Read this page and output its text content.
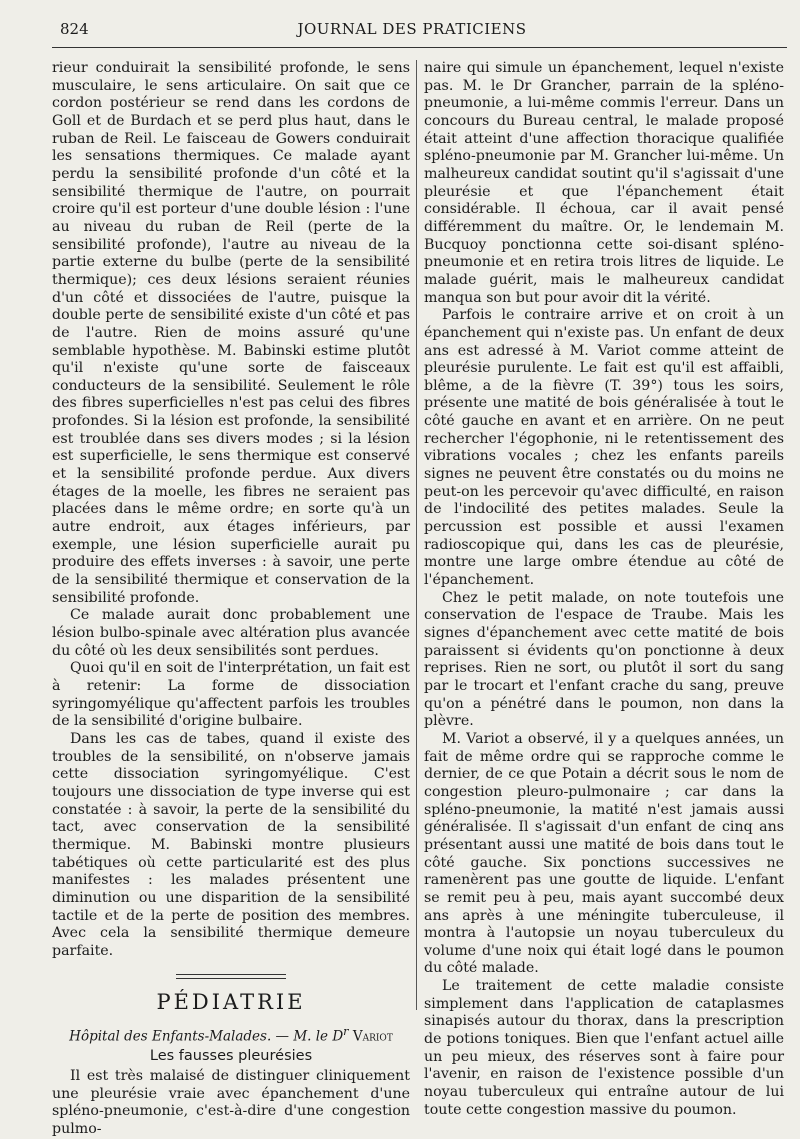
824	JOURNAL DES PRATICIENS

rieur conduirait la sensibilité profonde, le sens musculaire, le sens articulaire. On sait que ce cordon postérieur se rend dans les cordons de Goll et de Burdach et se perd plus haut, dans le ruban de Reil. Le faisceau de Gowers conduirait les sensations thermiques. Ce malade ayant perdu la sensibilité profonde d'un côté et la sensibilité thermique de l'autre, on pourrait croire qu'il est porteur d'une double lésion : l'une au niveau du ruban de Reil (perte de la sensibilité profonde), l'autre au niveau de la partie externe du bulbe (perte de la sensibilité thermique); ces deux lésions seraient réunies d'un côté et dissociées de l'autre, puisque la double perte de sensibilité existe d'un côté et pas de l'autre. Rien de moins assuré qu'une semblable hypothèse. M. Babinski estime plutôt qu'il n'existe qu'une sorte de faisceaux conducteurs de la sensibilité. Seulement le rôle des fibres superficielles n'est pas celui des fibres profondes. Si la lésion est profonde, la sensibilité est troublée dans ses divers modes ; si la lésion est superficielle, le sens thermique est conservé et la sensibilité profonde perdue. Aux divers étages de la moelle, les fibres ne seraient pas placées dans le même ordre; en sorte qu'à un autre endroit, aux étages inférieurs, par exemple, une lésion superficielle aurait pu produire des effets inverses : à savoir, une perte de la sensibilité thermique et conservation de la sensibilité profonde.

Ce malade aurait donc probablement une lésion bulbo-spinale avec altération plus avancée du côté où les deux sensibilités sont perdues.

Quoi qu'il en soit de l'interprétation, un fait est à retenir: La forme de dissociation syringomyélique qu'affectent parfois les troubles de la sensibilité d'origine bulbaire.

Dans les cas de tabes, quand il existe des troubles de la sensibilité, on n'observe jamais cette dissociation syringomyélique. C'est toujours une dissociation de type inverse qui est constatée : à savoir, la perte de la sensibilité du tact, avec conservation de la sensibilité thermique. M. Babinski montre plusieurs tabétiques où cette particularité est des plus manifestes : les malades présentent une diminution ou une disparition de la sensibilité tactile et de la perte de position des membres. Avec cela la sensibilité thermique demeure parfaite.

PÉDIATRIE
Hôpital des Enfants-Malades. — M. le $D^r$ Variot
Les fausses pleurésies

Il est très malaisé de distinguer cliniquement une pleurésie vraie avec épanchement d'une spléno-pneumonie, c'est-à-dire d'une congestion pulmo-

naire qui simule un épanchement, lequel n'existe pas. M. le Dr Grancher, parrain de la spléno-pneumonie, a lui-même commis l'erreur. Dans un concours du Bureau central, le malade proposé était atteint d'une affection thoracique qualifiée spléno-pneumonie par M. Grancher lui-même. Un malheureux candidat soutint qu'il s'agissait d'une pleurésie et que l'épanchement était considérable. Il échoua, car il avait pensé différemment du maître. Or, le lendemain M. Bucquoy ponctionna cette soi-disant spléno-pneumonie et en retira trois litres de liquide. Le malade guérit, mais le malheureux candidat manqua son but pour avoir dit la vérité.

Parfois le contraire arrive et on croit à un épanchement qui n'existe pas. Un enfant de deux ans est adressé à M. Variot comme atteint de pleurésie purulente. Le fait est qu'il est affaibli, blême, a de la fièvre (T. 39°) tous les soirs, présente une matité de bois généralisée à tout le côté gauche en avant et en arrière. On ne peut rechercher l'égophonie, ni le retentissement des vibrations vocales ; chez les enfants pareils signes ne peuvent être constatés ou du moins ne peut-on les percevoir qu'avec difficulté, en raison de l'indocilité des petites malades. Seule la percussion est possible et aussi l'examen radioscopique qui, dans les cas de pleurésie, montre une large ombre étendue au côté de l'épanchement.

Chez le petit malade, on note toutefois une conservation de l'espace de Traube. Mais les signes d'épanchement avec cette matité de bois paraissent si évidents qu'on ponctionne à deux reprises. Rien ne sort, ou plutôt il sort du sang par le trocart et l'enfant crache du sang, preuve qu'on a pénétré dans le poumon, non dans la plèvre.

M. Variot a observé, il y a quelques années, un fait de même ordre qui se rapproche comme le dernier, de ce que Potain a décrit sous le nom de congestion pleuro-pulmonaire ; car dans la spléno-pneumonie, la matité n'est jamais aussi généralisée. Il s'agissait d'un enfant de cinq ans présentant aussi une matité de bois dans tout le côté gauche. Six ponctions successives ne ramenèrent pas une goutte de liquide. L'enfant se remit peu à peu, mais ayant succombé deux ans après à une méningite tuberculeuse, il montra à l'autopsie un noyau tuberculeux du volume d'une noix qui était logé dans le poumon du côté malade.

Le traitement de cette maladie consiste simplement dans l'application de cataplasmes sinapisés autour du thorax, dans la prescription de potions toniques. Bien que l'enfant actuel aille un peu mieux, des réserves sont à faire pour l'avenir, en raison de l'existence possible d'un noyau tuberculeux qui entraîne autour de lui toute cette congestion massive du poumon.
